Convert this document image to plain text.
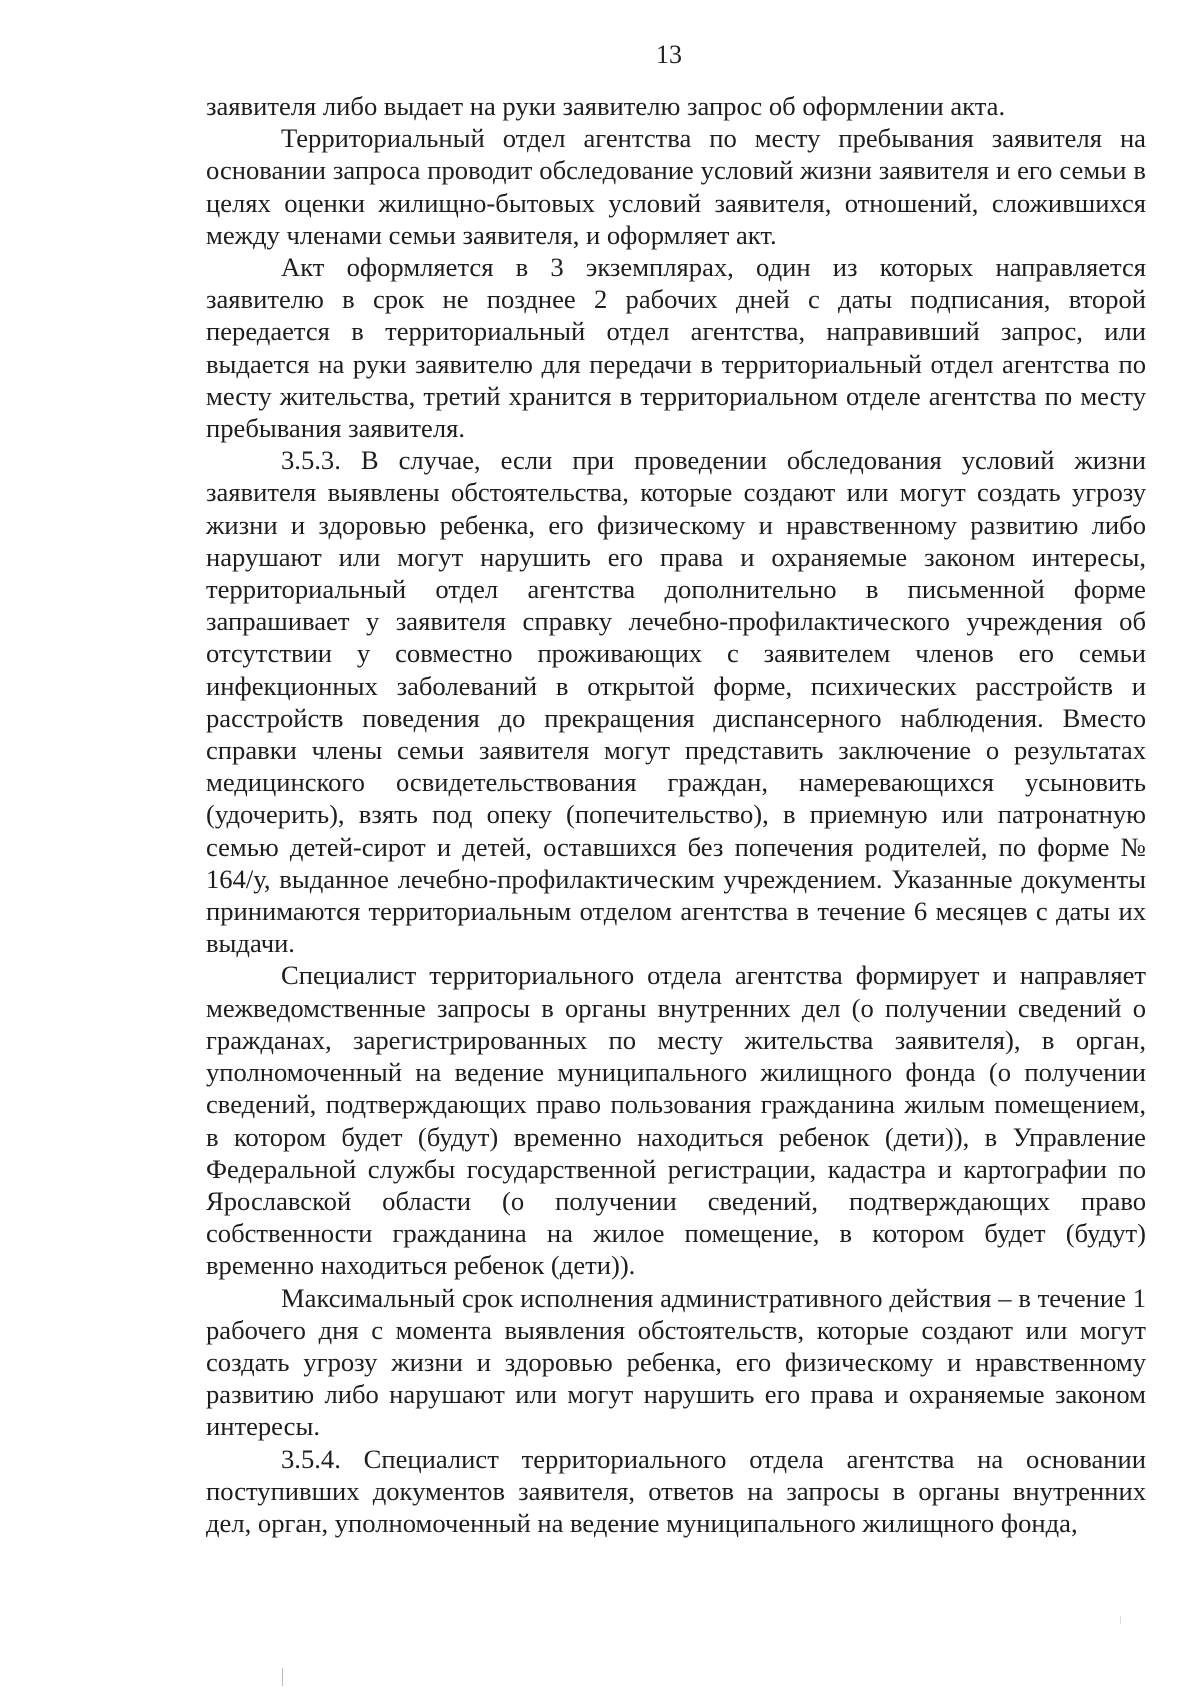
13

заявителя либо выдает на руки заявителю запрос об оформлении акта.

Территориальный отдел агентства по месту пребывания заявителя на основании запроса проводит обследование условий жизни заявителя и его семьи в целях оценки жилищно-бытовых условий заявителя, отношений, сложившихся между членами семьи заявителя, и оформляет акт.

Акт оформляется в 3 экземплярах, один из которых направляется заявителю в срок не позднее 2 рабочих дней с даты подписания, второй передается в территориальный отдел агентства, направивший запрос, или выдается на руки заявителю для передачи в территориальный отдел агентства по месту жительства, третий хранится в территориальном отделе агентства по месту пребывания заявителя.

3.5.3. В случае, если при проведении обследования условий жизни заявителя выявлены обстоятельства, которые создают или могут создать угрозу жизни и здоровью ребенка, его физическому и нравственному развитию либо нарушают или могут нарушить его права и охраняемые законом интересы, территориальный отдел агентства дополнительно в письменной форме запрашивает у заявителя справку лечебно-профилактического учреждения об отсутствии у совместно проживающих с заявителем членов его семьи инфекционных заболеваний в открытой форме, психических расстройств и расстройств поведения до прекращения диспансерного наблюдения. Вместо справки члены семьи заявителя могут представить заключение о результатах медицинского освидетельствования граждан, намеревающихся усыновить (удочерить), взять под опеку (попечительство), в приемную или патронатную семью детей-сирот и детей, оставшихся без попечения родителей, по форме № 164/у, выданное лечебно-профилактическим учреждением. Указанные документы принимаются территориальным отделом агентства в течение 6 месяцев с даты их выдачи.

Специалист территориального отдела агентства формирует и направляет межведомственные запросы в органы внутренних дел (о получении сведений о гражданах, зарегистрированных по месту жительства заявителя), в орган, уполномоченный на ведение муниципального жилищного фонда (о получении сведений, подтверждающих право пользования гражданина жилым помещением, в котором будет (будут) временно находиться ребенок (дети)), в Управление Федеральной службы государственной регистрации, кадастра и картографии по Ярославской области (о получении сведений, подтверждающих право собственности гражданина на жилое помещение, в котором будет (будут) временно находиться ребенок (дети)).

Максимальный срок исполнения административного действия – в течение 1 рабочего дня с момента выявления обстоятельств, которые создают или могут создать угрозу жизни и здоровью ребенка, его физическому и нравственному развитию либо нарушают или могут нарушить его права и охраняемые законом интересы.

3.5.4. Специалист территориального отдела агентства на основании поступивших документов заявителя, ответов на запросы в органы внутренних дел, орган, уполномоченный на ведение муниципального жилищного фонда,
